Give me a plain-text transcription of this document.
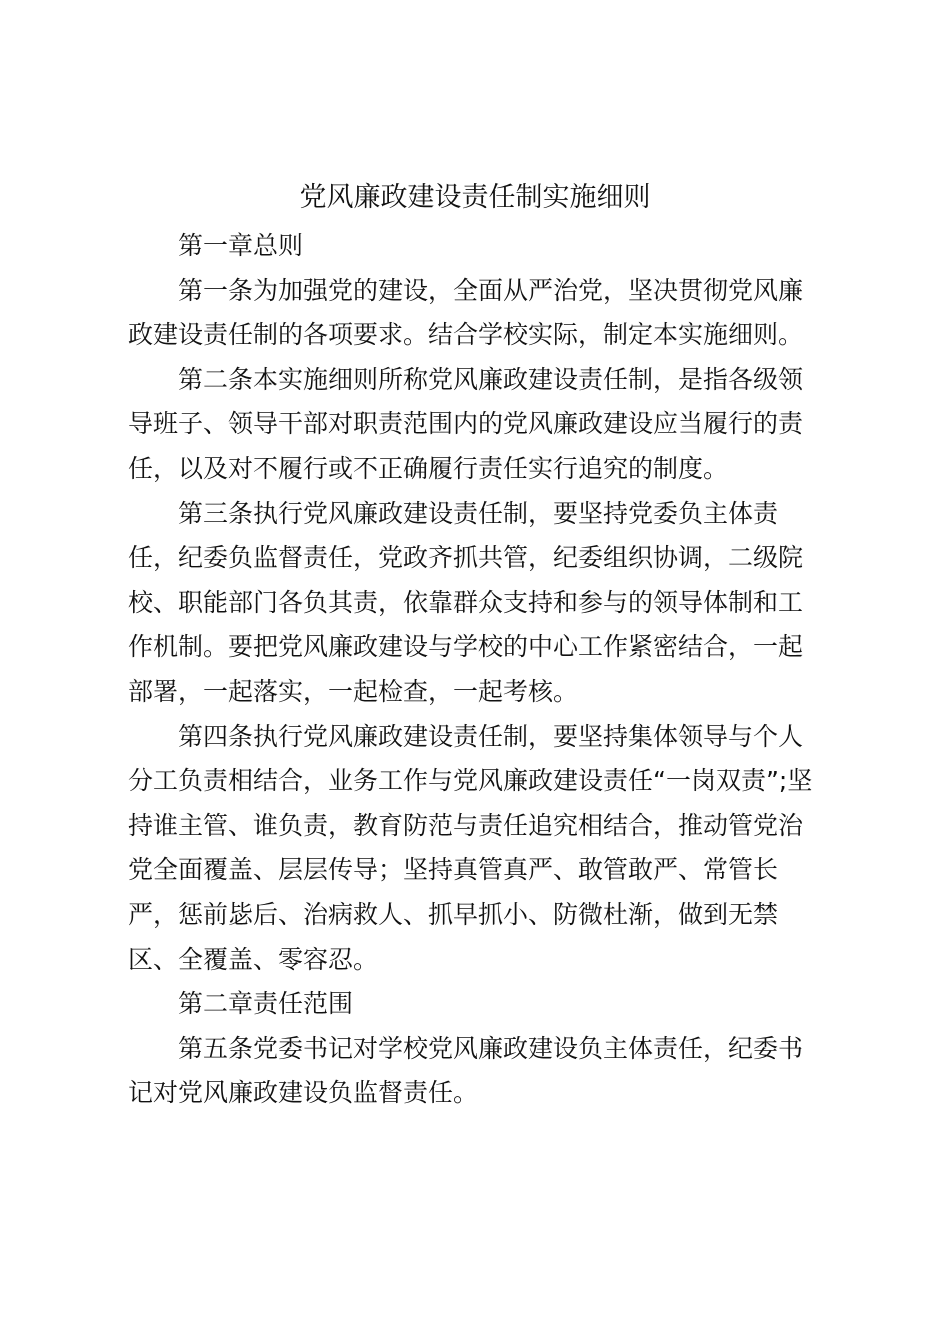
党风廉政建设责任制实施细则

第一章总则

第一条为加强党的建设，全面从严治党，坚决贯彻党风廉
政建设责任制的各项要求。结合学校实际，制定本实施细则。

第二条本实施细则所称党风廉政建设责任制，是指各级领
导班子、领导干部对职责范围内的党风廉政建设应当履行的责
任，以及对不履行或不正确履行责任实行追究的制度。

第三条执行党风廉政建设责任制，要坚持党委负主体责
任，纪委负监督责任，党政齐抓共管，纪委组织协调，二级院
校、职能部门各负其责，依靠群众支持和参与的领导体制和工
作机制。要把党风廉政建设与学校的中心工作紧密结合，一起
部署，一起落实，一起检查，一起考核。

第四条执行党风廉政建设责任制，要坚持集体领导与个人
分工负责相结合，业务工作与党风廉政建设责任“一岗双责”;坚
持谁主管、谁负责，教育防范与责任追究相结合，推动管党治
党全面覆盖、层层传导；坚持真管真严、敢管敢严、常管长
严，惩前毖后、治病救人、抓早抓小、防微杜渐，做到无禁
区、全覆盖、零容忍。

第二章责任范围

第五条党委书记对学校党风廉政建设负主体责任，纪委书
记对党风廉政建设负监督责任。
